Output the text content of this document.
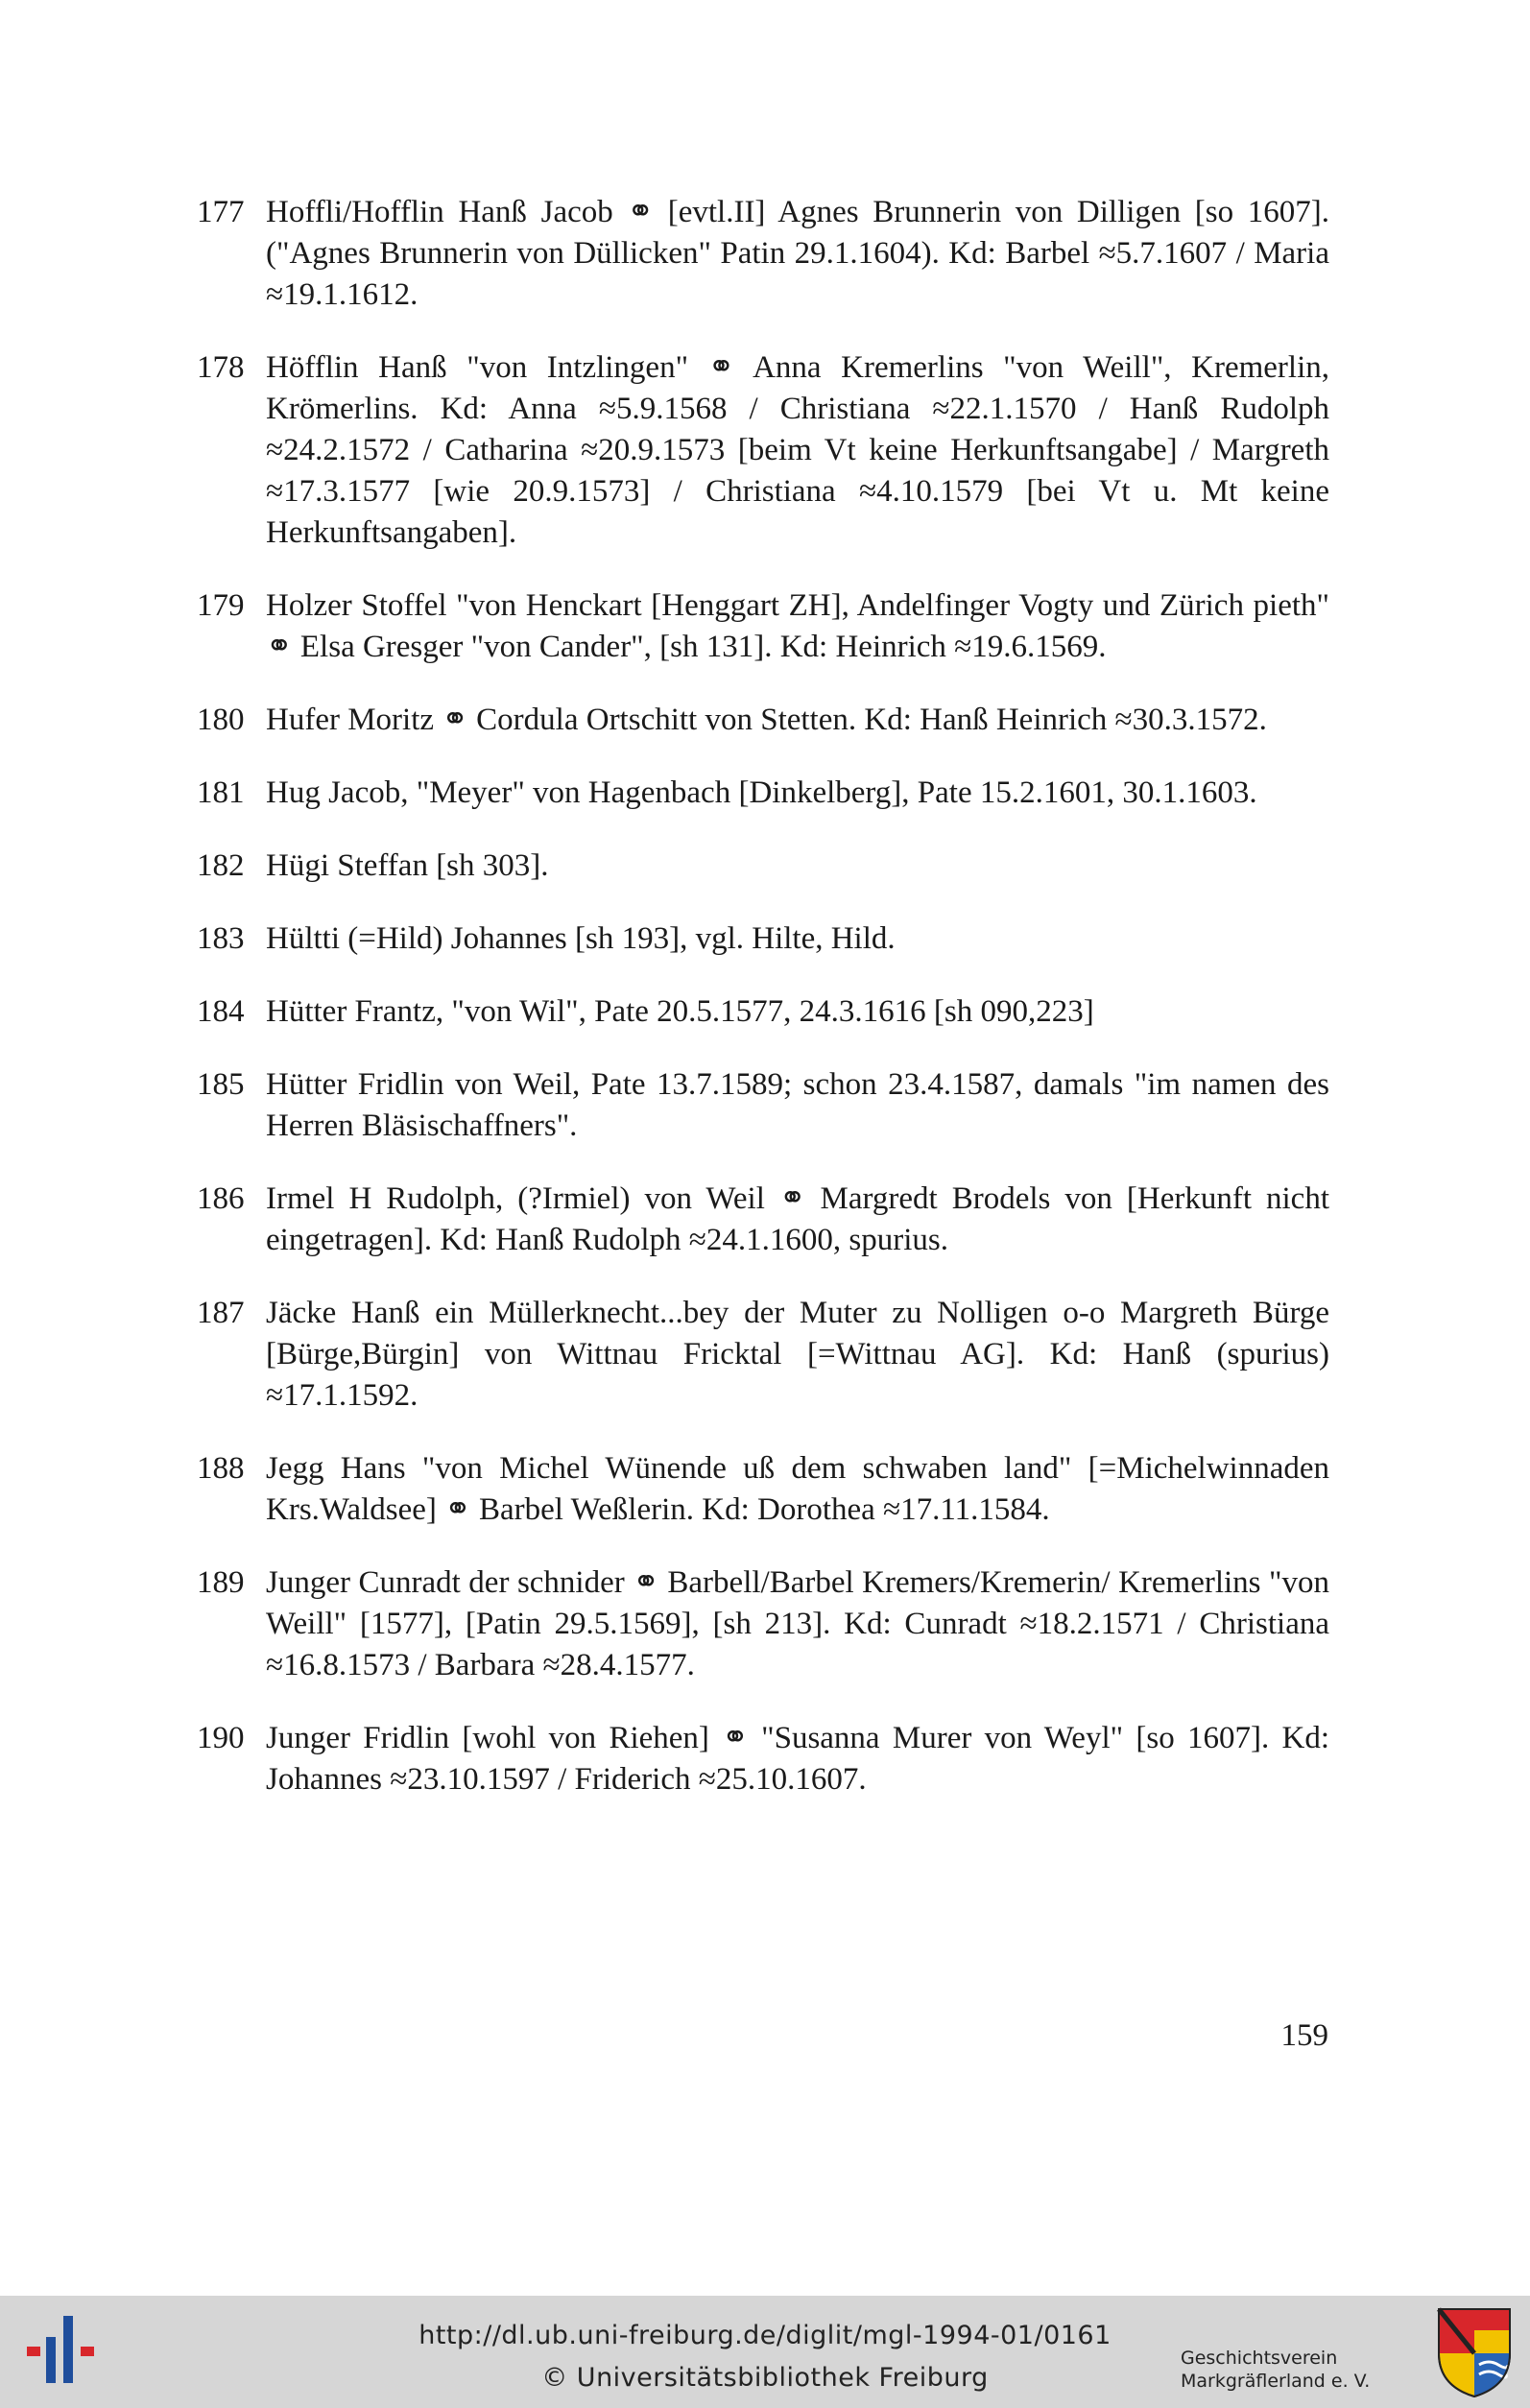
177 Hoffli/Hofflin Hanß Jacob ⚭ [evtl.II] Agnes Brunnerin von Dilligen [so 1607]. ("Agnes Brunnerin von Düllicken" Patin 29.1.1604). Kd: Barbel ≈5.7.1607 / Maria ≈19.1.1612.
178 Höfflin Hanß "von Intzlingen" ⚭ Anna Kremerlins "von Weill", Kremerlin, Krömerlins. Kd: Anna ≈5.9.1568 / Christiana ≈22.1.1570 / Hanß Rudolph ≈24.2.1572 / Catharina ≈20.9.1573 [beim Vt keine Herkunftsangabe] / Margreth ≈17.3.1577 [wie 20.9.1573] / Christiana ≈4.10.1579 [bei Vt u. Mt keine Herkunftsangaben].
179 Holzer Stoffel "von Henckart [Henggart ZH], Andelfinger Vogty und Zürich pieth" ⚭ Elsa Gresger "von Cander", [sh 131]. Kd: Heinrich ≈19.6.1569.
180 Hufer Moritz ⚭ Cordula Ortschitt von Stetten. Kd: Hanß Heinrich ≈30.3.1572.
181 Hug Jacob, "Meyer" von Hagenbach [Dinkelberg], Pate 15.2.1601, 30.1.1603.
182 Hügi Steffan [sh 303].
183 Hültti (=Hild) Johannes [sh 193], vgl. Hilte, Hild.
184 Hütter Frantz, "von Wil", Pate 20.5.1577, 24.3.1616 [sh 090,223]
185 Hütter Fridlin von Weil, Pate 13.7.1589; schon 23.4.1587, damals "im namen des Herren Bläsischaffners".
186 Irmel H Rudolph, (?Irmiel) von Weil ⚭ Margredt Brodels von [Herkunft nicht eingetragen]. Kd: Hanß Rudolph ≈24.1.1600, spurius.
187 Jäcke Hanß ein Müllerknecht...bey der Muter zu Nolligen o-o Margreth Bürge [Bürge,Bürgin] von Wittnau Fricktal [=Wittnau AG]. Kd: Hanß (spurius) ≈17.1.1592.
188 Jegg Hans "von Michel Wünende uß dem schwaben land" [=Michelwinnaden Krs.Waldsee] ⚭ Barbel Weßlerin. Kd: Dorothea ≈17.11.1584.
189 Junger Cunradt der schnider ⚭ Barbell/Barbel Kremers/Kremerin/ Kremerlins "von Weill" [1577], [Patin 29.5.1569], [sh 213]. Kd: Cunradt ≈18.2.1571 / Christiana ≈16.8.1573 / Barbara ≈28.4.1577.
190 Junger Fridlin [wohl von Riehen] ⚭ "Susanna Murer von Weyl" [so 1607]. Kd: Johannes ≈23.10.1597 / Friderich ≈25.10.1607.
159
http://dl.ub.uni-freiburg.de/diglit/mgl-1994-01/0161
© Universitätsbibliothek Freiburg
Geschichtsverein
Markgräflerland e. V.
